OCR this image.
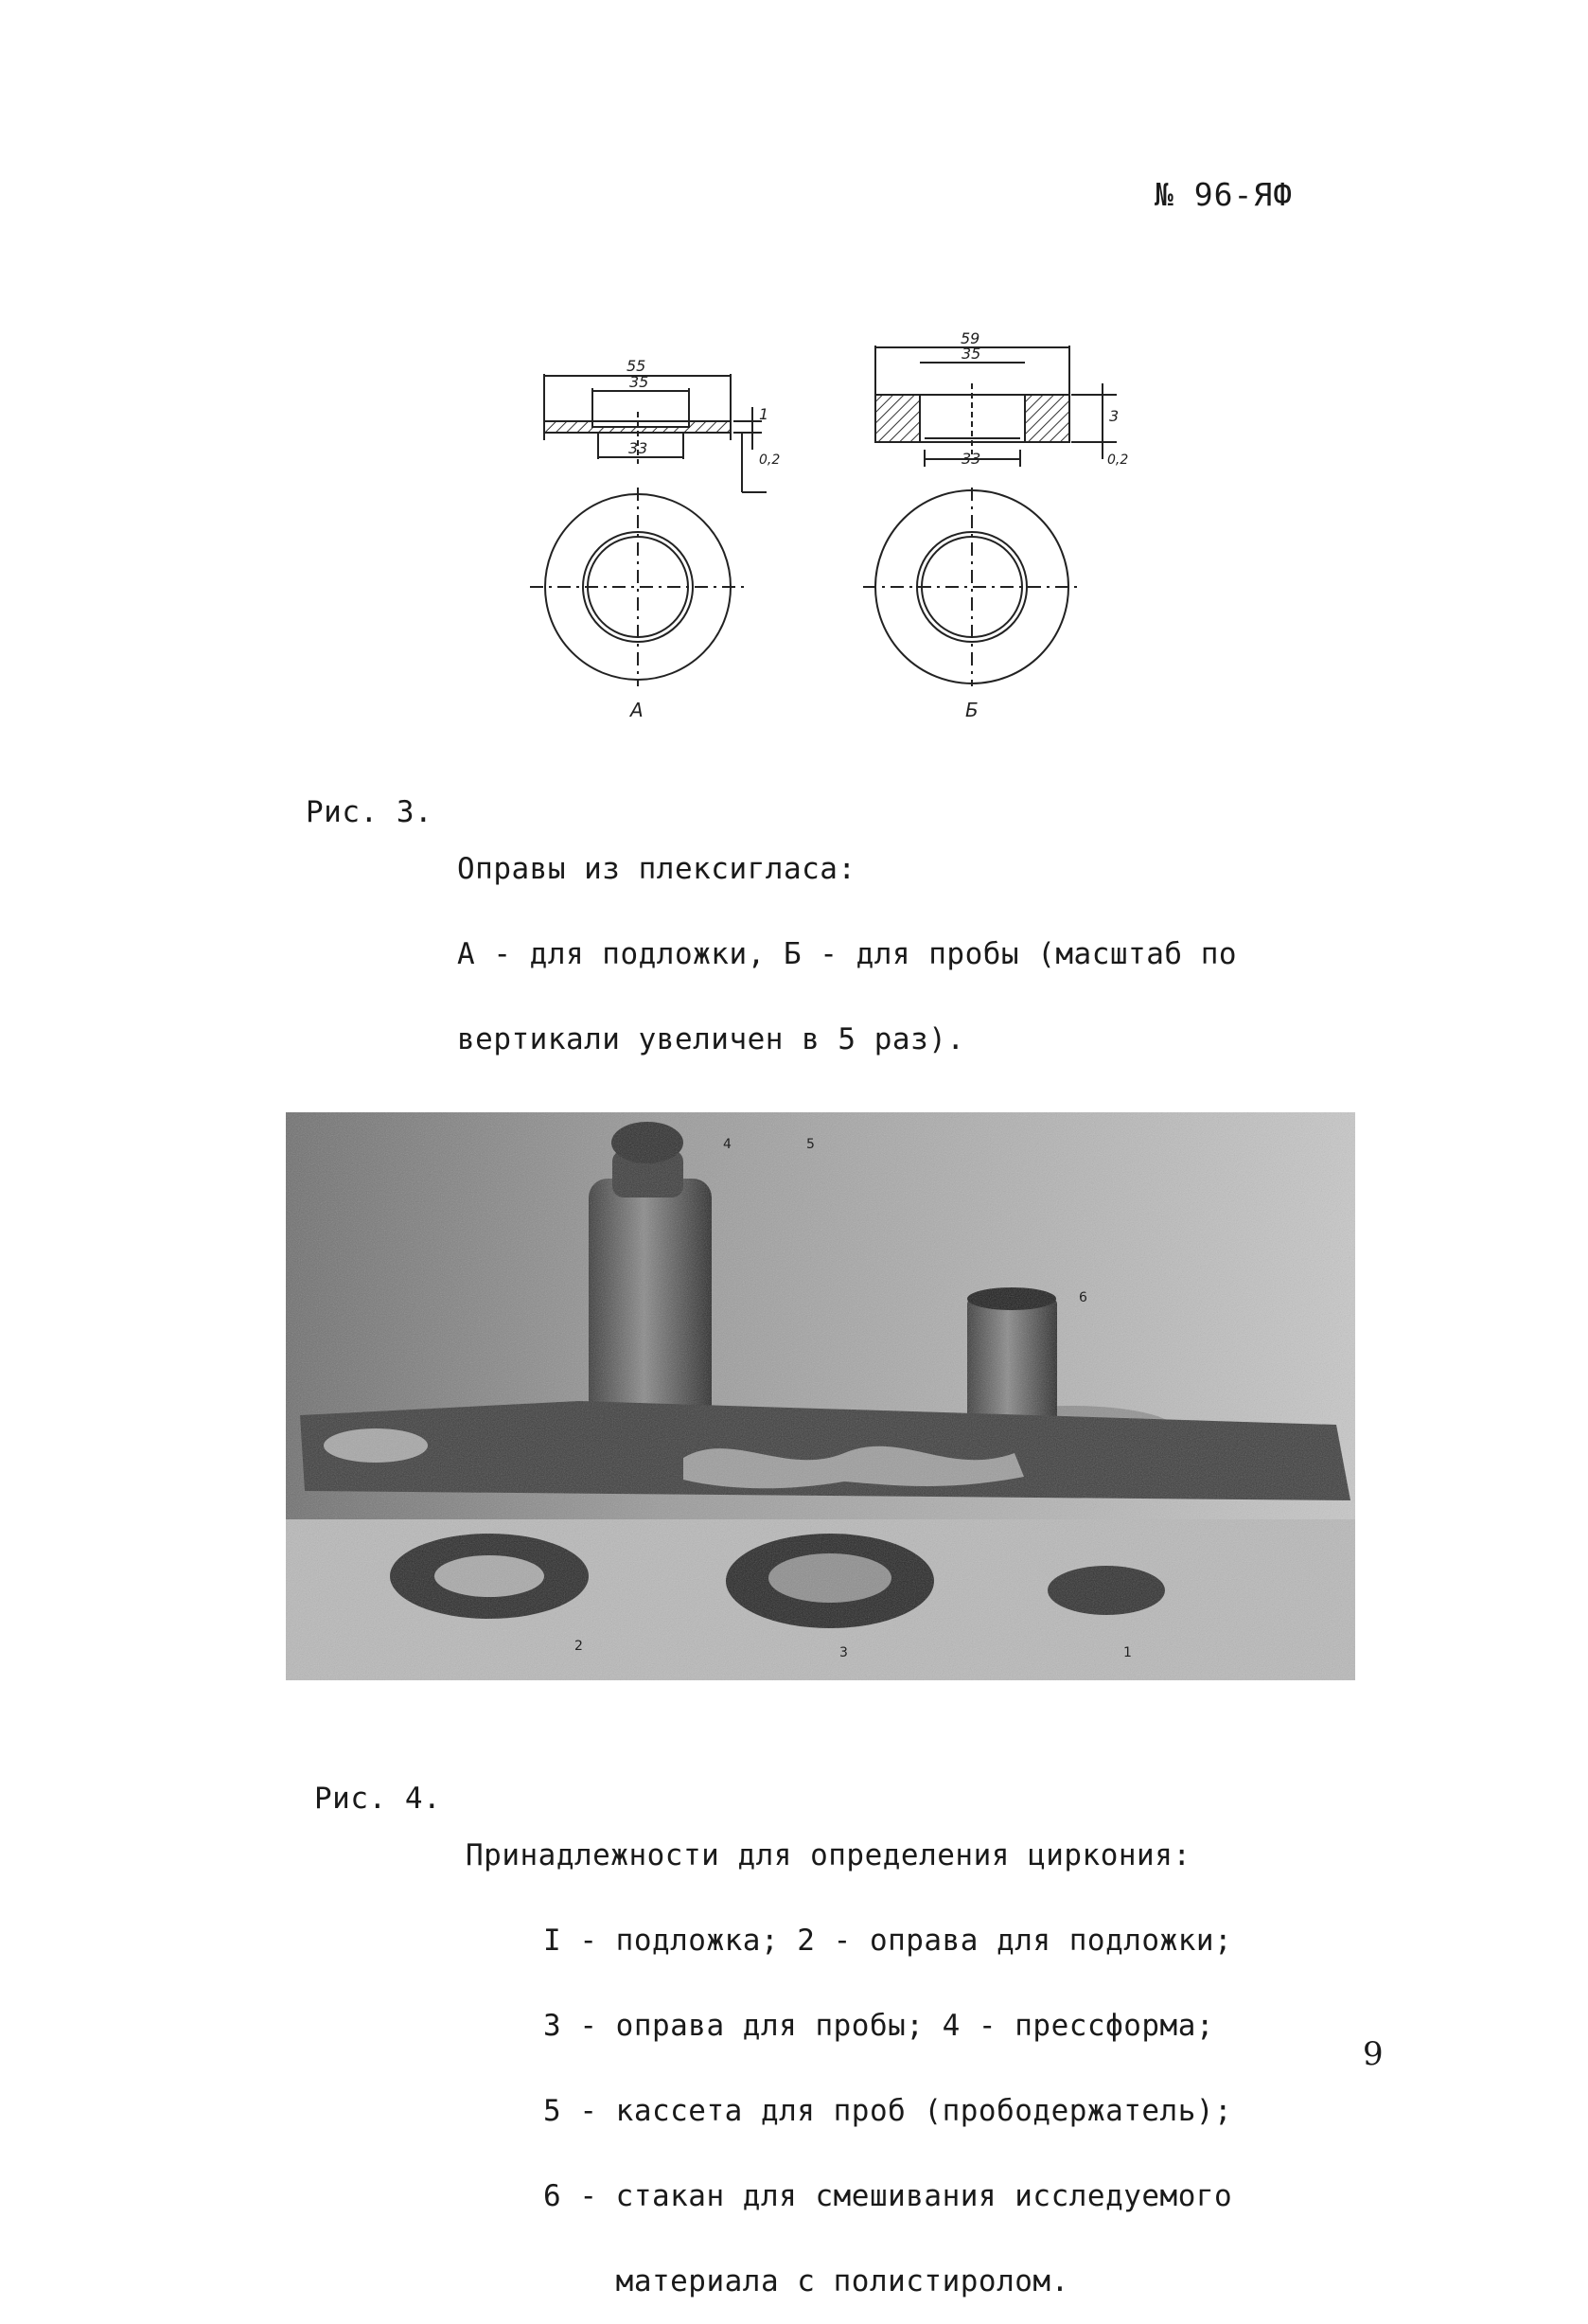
№ 96-ЯФ
55
35
33
1
0,2
59
35
33
3
0,2
А	Б
Рис. 3.

Оправы из плексигласа:

А - для подложки, Б - для пробы (масштаб по

вертикали увеличен в 5 раз).

4
6
5
2	3	1
Рис. 4.

Принадлежности для определения циркония:

I - подложка; 2 - оправа для подложки;

3 - оправа для пробы; 4 - прессформа;

5 - кассета для проб (прободержатель);

6 - стакан для смешивания исследуемого

материала с полистиролом.

9
